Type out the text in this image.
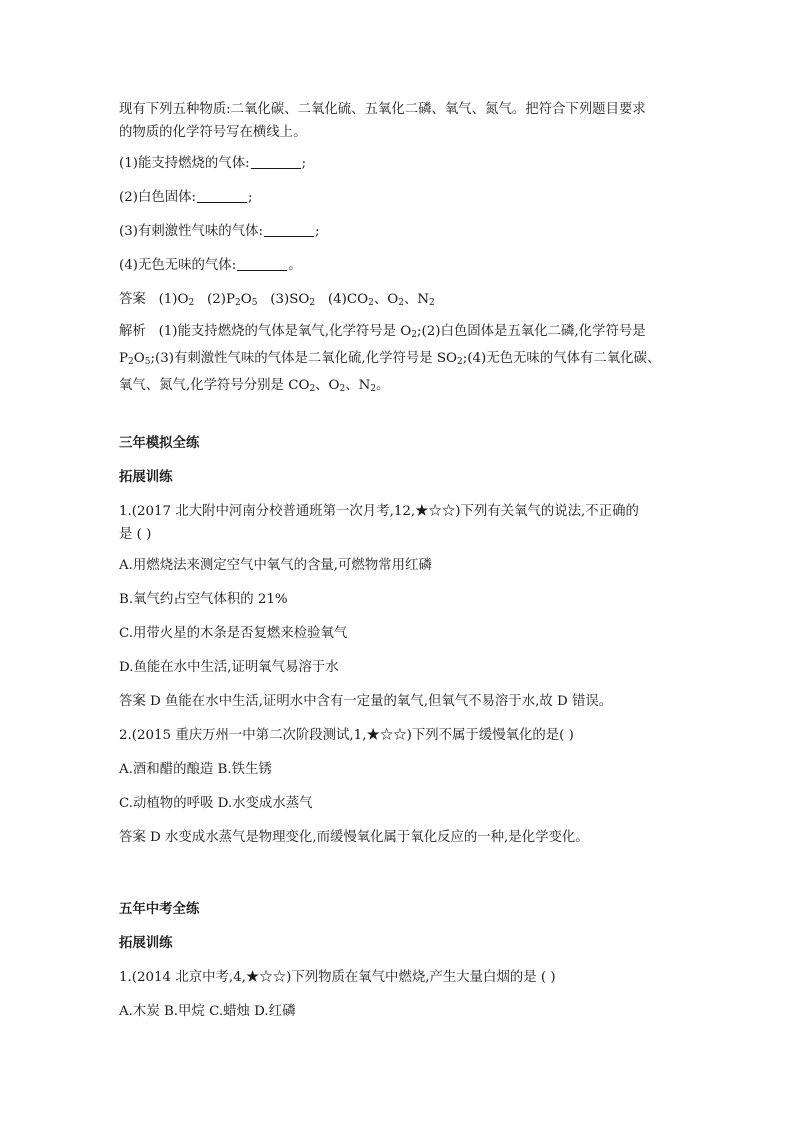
现有下列五种物质:二氧化碳、二氧化硫、五氧化二磷、氧气、氮气。把符合下列题目要求
的物质的化学符号写在横线上。

(1)能支持燃烧的气体:	;

(2)白色固体:	;

(3)有刺激性气味的气体:	;

(4)无色无味的气体:	。

答案 $(1)O_2$ $(2)P_2O_5$ $(3)SO_2$ $(4)CO_2$、$O_2$、$N_2$

解析 (1)能支持燃烧的气体是氧气,化学符号是 $O_2;(2)$白色固体是五氧化二磷,化学符号是
$P_2O_5;(3)$有刺激性气味的气体是二氧化硫,化学符号是 $SO_2;(4)$无色无味的气体有二氧化碳、
氧气、氮气,化学符号分别是 $CO_2$、$O_2$、$N_2$。

三年模拟全练

拓展训练

1.(2017 北大附中河南分校普通班第一次月考,12,★☆☆)下列有关氧气的说法,不正确的
是 ( )

A.用燃烧法来测定空气中氧气的含量,可燃物常用红磷

B.氧气约占空气体积的 21%

C.用带火星的木条是否复燃来检验氧气

D.鱼能在水中生活,证明氧气易溶于水

答案 D 鱼能在水中生活,证明水中含有一定量的氧气,但氧气不易溶于水,故 D 错误。

2.(2015 重庆万州一中第二次阶段测试,1,★☆☆)下列不属于缓慢氧化的是( )

A.酒和醋的酿造 B.铁生锈

C.动植物的呼吸 D.水变成水蒸气

答案 D 水变成水蒸气是物理变化,而缓慢氧化属于氧化反应的一种,是化学变化。

五年中考全练

拓展训练

1.(2014 北京中考,4,★☆☆)下列物质在氧气中燃烧,产生大量白烟的是 ( )

A.木炭 B.甲烷 C.蜡烛 D.红磷
